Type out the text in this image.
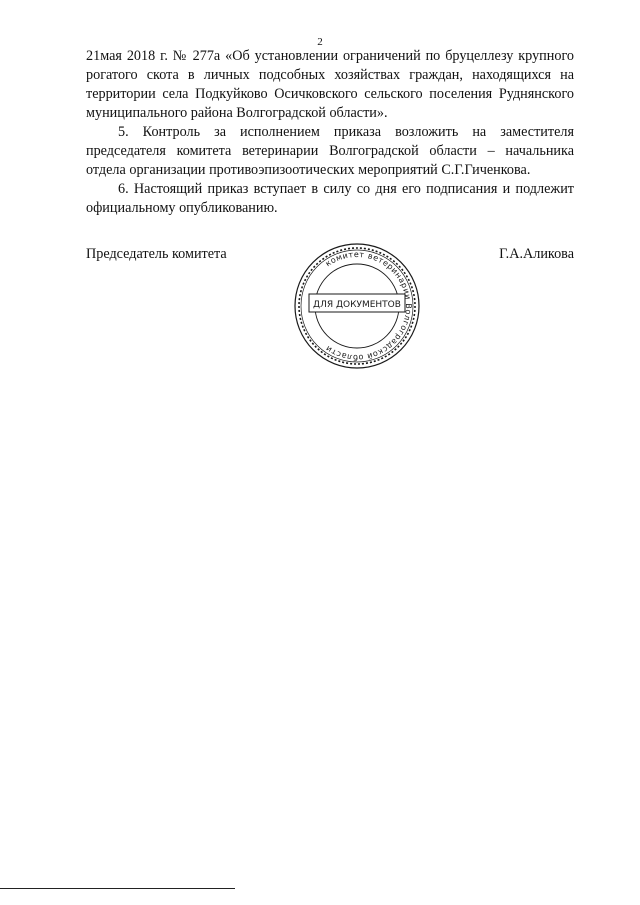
2

21мая 2018 г. № 277а «Об установлении ограничений по бруцеллезу крупного рогатого скота в личных подсобных хозяйствах граждан, находящихся на территории села Подкуйково Осичковского сельского поселения Руднянского муниципального района Волгоградской области».

5. Контроль за исполнением приказа возложить на заместителя председателя комитета ветеринарии Волгоградской области – начальника отдела организации противоэпизоотических мероприятий С.Г.Гиченкова.

6. Настоящий приказ вступает в силу со дня его подписания и подлежит официальному опубликованию.

Председатель комитета	Г.А.Аликова
ДЛЯ ДОКУМЕНТОВ
комитет ветеринарии Волгоградской области
